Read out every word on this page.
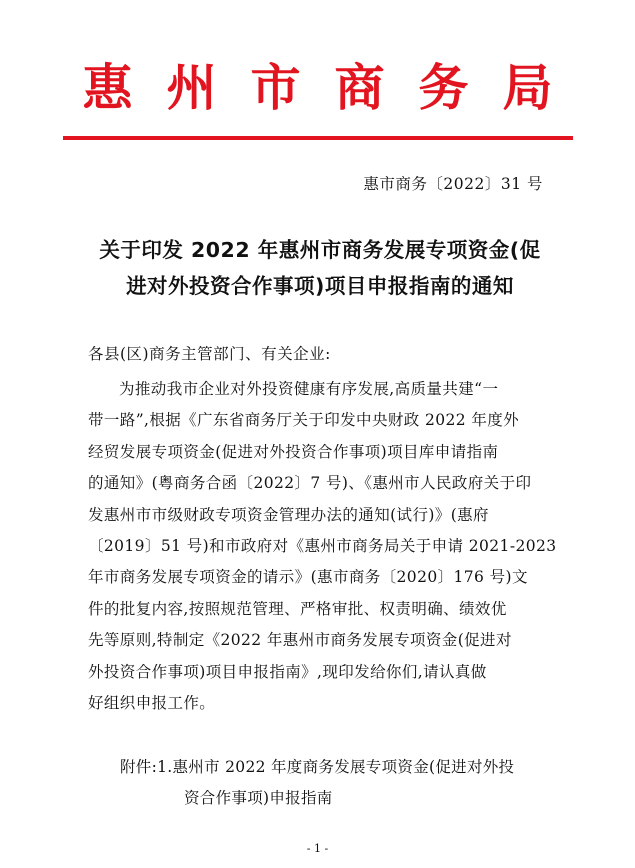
惠州市商务局
惠市商务〔2022〕31 号
关于印发 2022 年惠州市商务发展专项资金(促
进对外投资合作事项)项目申报指南的通知
各县(区)商务主管部门、有关企业:
为推动我市企业对外投资健康有序发展,高质量共建“一
带一路”,根据《广东省商务厅关于印发中央财政 2022 年度外
经贸发展专项资金(促进对外投资合作事项)项目库申请指南
的通知》(粤商务合函〔2022〕7 号)、《惠州市人民政府关于印
发惠州市市级财政专项资金管理办法的通知(试行)》(惠府
〔2019〕51 号)和市政府对《惠州市商务局关于申请 2021-2023
年市商务发展专项资金的请示》(惠市商务〔2020〕176 号)文
件的批复内容,按照规范管理、严格审批、权责明确、绩效优
先等原则,特制定《2022 年惠州市商务发展专项资金(促进对
外投资合作事项)项目申报指南》,现印发给你们,请认真做
好组织申报工作。
附件:1.惠州市 2022 年度商务发展专项资金(促进对外投
资合作事项)申报指南
- 1 -
